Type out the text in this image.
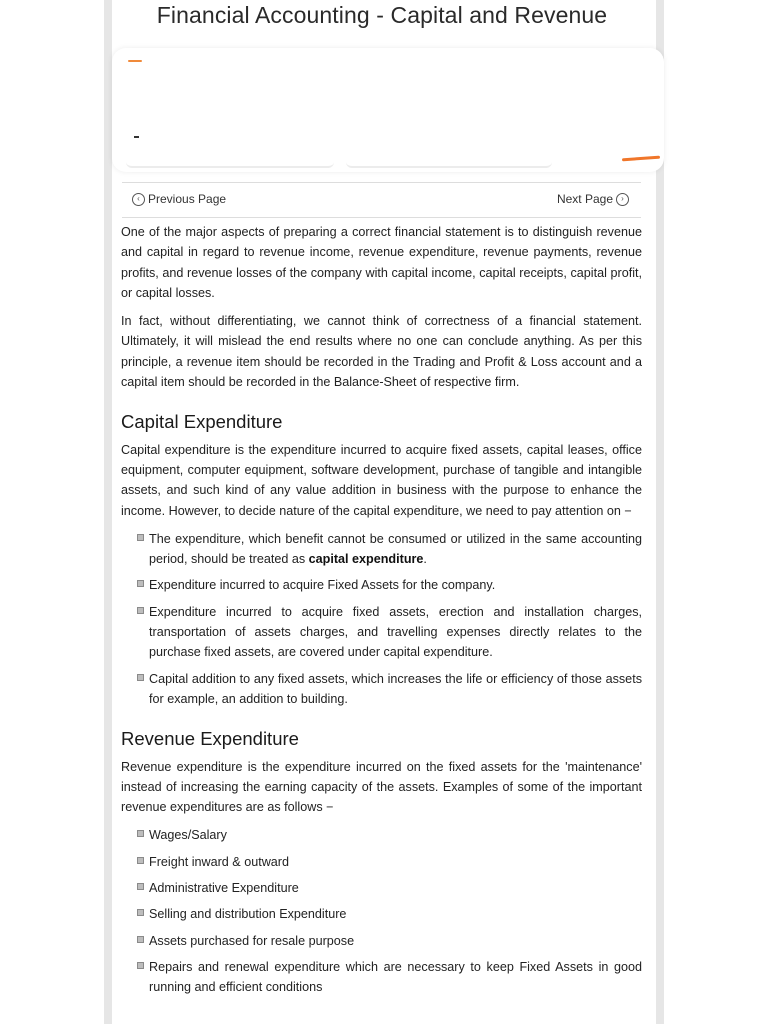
Financial Accounting - Capital and Revenue
‹ Previous Page	Next Page	›

One of the major aspects of preparing a correct financial statement is to distinguish revenue and capital in regard to revenue income, revenue expenditure, revenue payments, revenue profits, and revenue losses of the company with capital income, capital receipts, capital profit, or capital losses.

In fact, without differentiating, we cannot think of correctness of a financial statement. Ultimately, it will mislead the end results where no one can conclude anything. As per this principle, a revenue item should be recorded in the Trading and Profit & Loss account and a capital item should be recorded in the Balance-Sheet of respective firm.

Capital Expenditure

Capital expenditure is the expenditure incurred to acquire fixed assets, capital leases, office equipment, computer equipment, software development, purchase of tangible and intangible assets, and such kind of any value addition in business with the purpose to enhance the income. However, to decide nature of the capital expenditure, we need to pay attention on −

The expenditure, which benefit cannot be consumed or utilized in the same accounting period, should be treated as capital expenditure.
Expenditure incurred to acquire Fixed Assets for the company.
Expenditure incurred to acquire fixed assets, erection and installation charges, transportation of assets charges, and travelling expenses directly relates to the purchase fixed assets, are covered under capital expenditure.
Capital addition to any fixed assets, which increases the life or efficiency of those assets for example, an addition to building.
Revenue Expenditure

Revenue expenditure is the expenditure incurred on the fixed assets for the 'maintenance' instead of increasing the earning capacity of the assets. Examples of some of the important revenue expenditures are as follows −

Wages/Salary
Freight inward & outward
Administrative Expenditure
Selling and distribution Expenditure
Assets purchased for resale purpose
Repairs and renewal expenditure which are necessary to keep Fixed Assets in good running and efficient conditions
